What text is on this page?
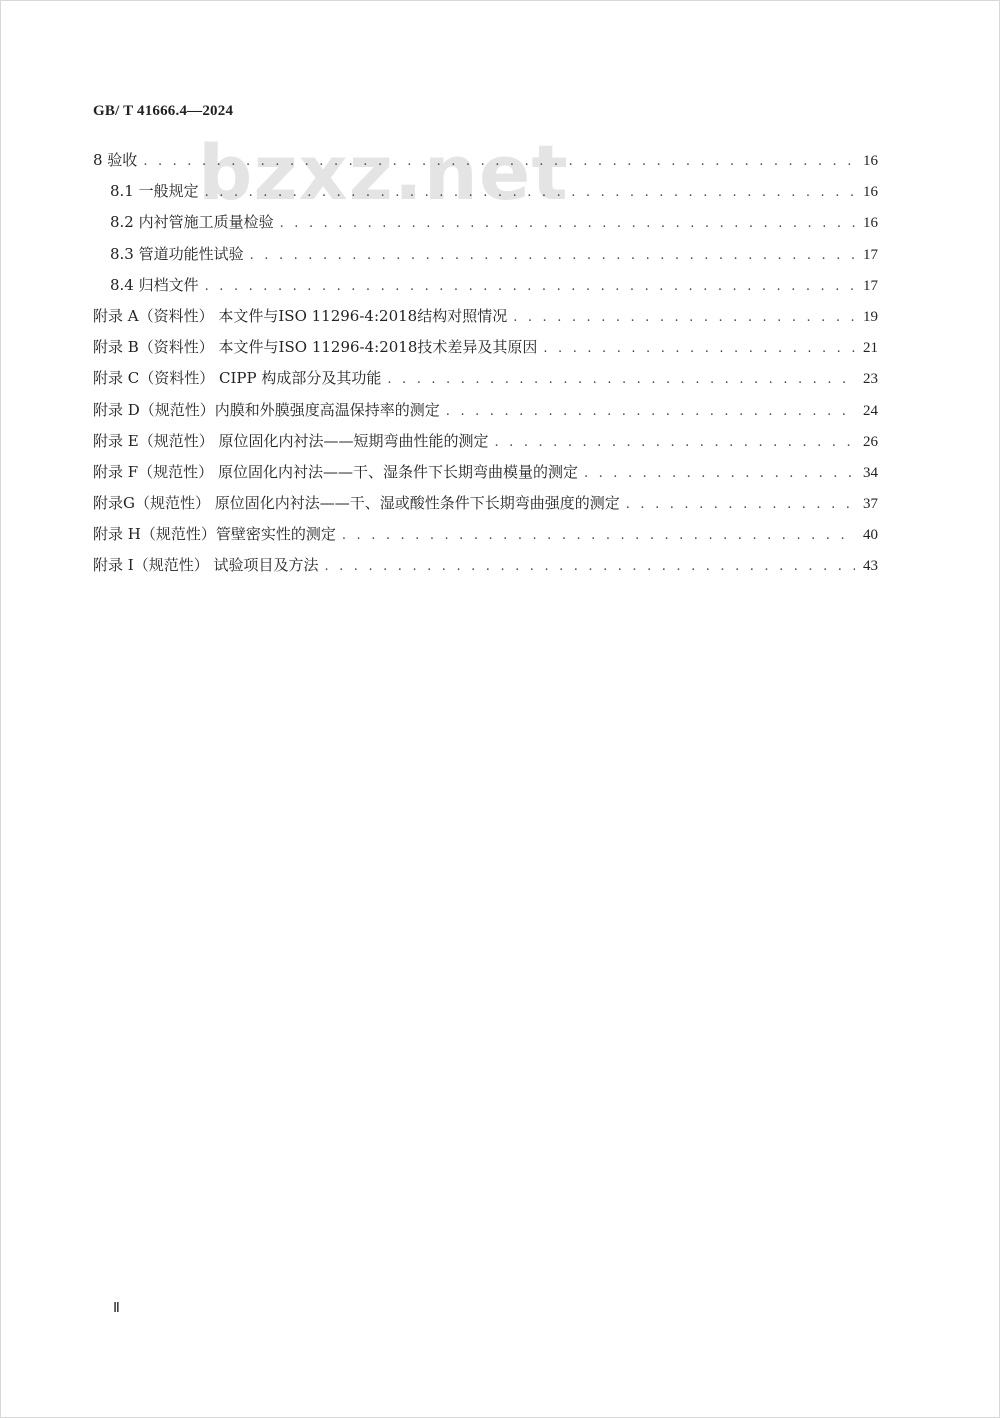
GB/ T 41666.4—2024
bzxz.net
8 验收 . . .	16
8.1 一般规定 . . .	16
8.2 内衬管施工质量检验 . . .	16
8.3 管道功能性试验 . . .	17
8.4 归档文件 . . .	17
附录 A（资料性） 本文件与ISO 11296-4:2018结构对照情况 . . .	19
附录 B（资料性） 本文件与ISO 11296-4:2018技术差异及其原因 . . .	21
附录 C（资料性） CIPP 构成部分及其功能 . . .	23
附录 D（规范性）内膜和外膜强度高温保持率的测定 . . .	24
附录 E（规范性） 原位固化内衬法——短期弯曲性能的测定 . . .	26
附录 F（规范性） 原位固化内衬法——干、湿条件下长期弯曲模量的测定 . . .	34
附录G（规范性） 原位固化内衬法——干、湿或酸性条件下长期弯曲强度的测定 . . .	37
附录 H（规范性）管壁密实性的测定 . . .	40
附录 I（规范性） 试验项目及方法 . . .	43
Ⅱ
